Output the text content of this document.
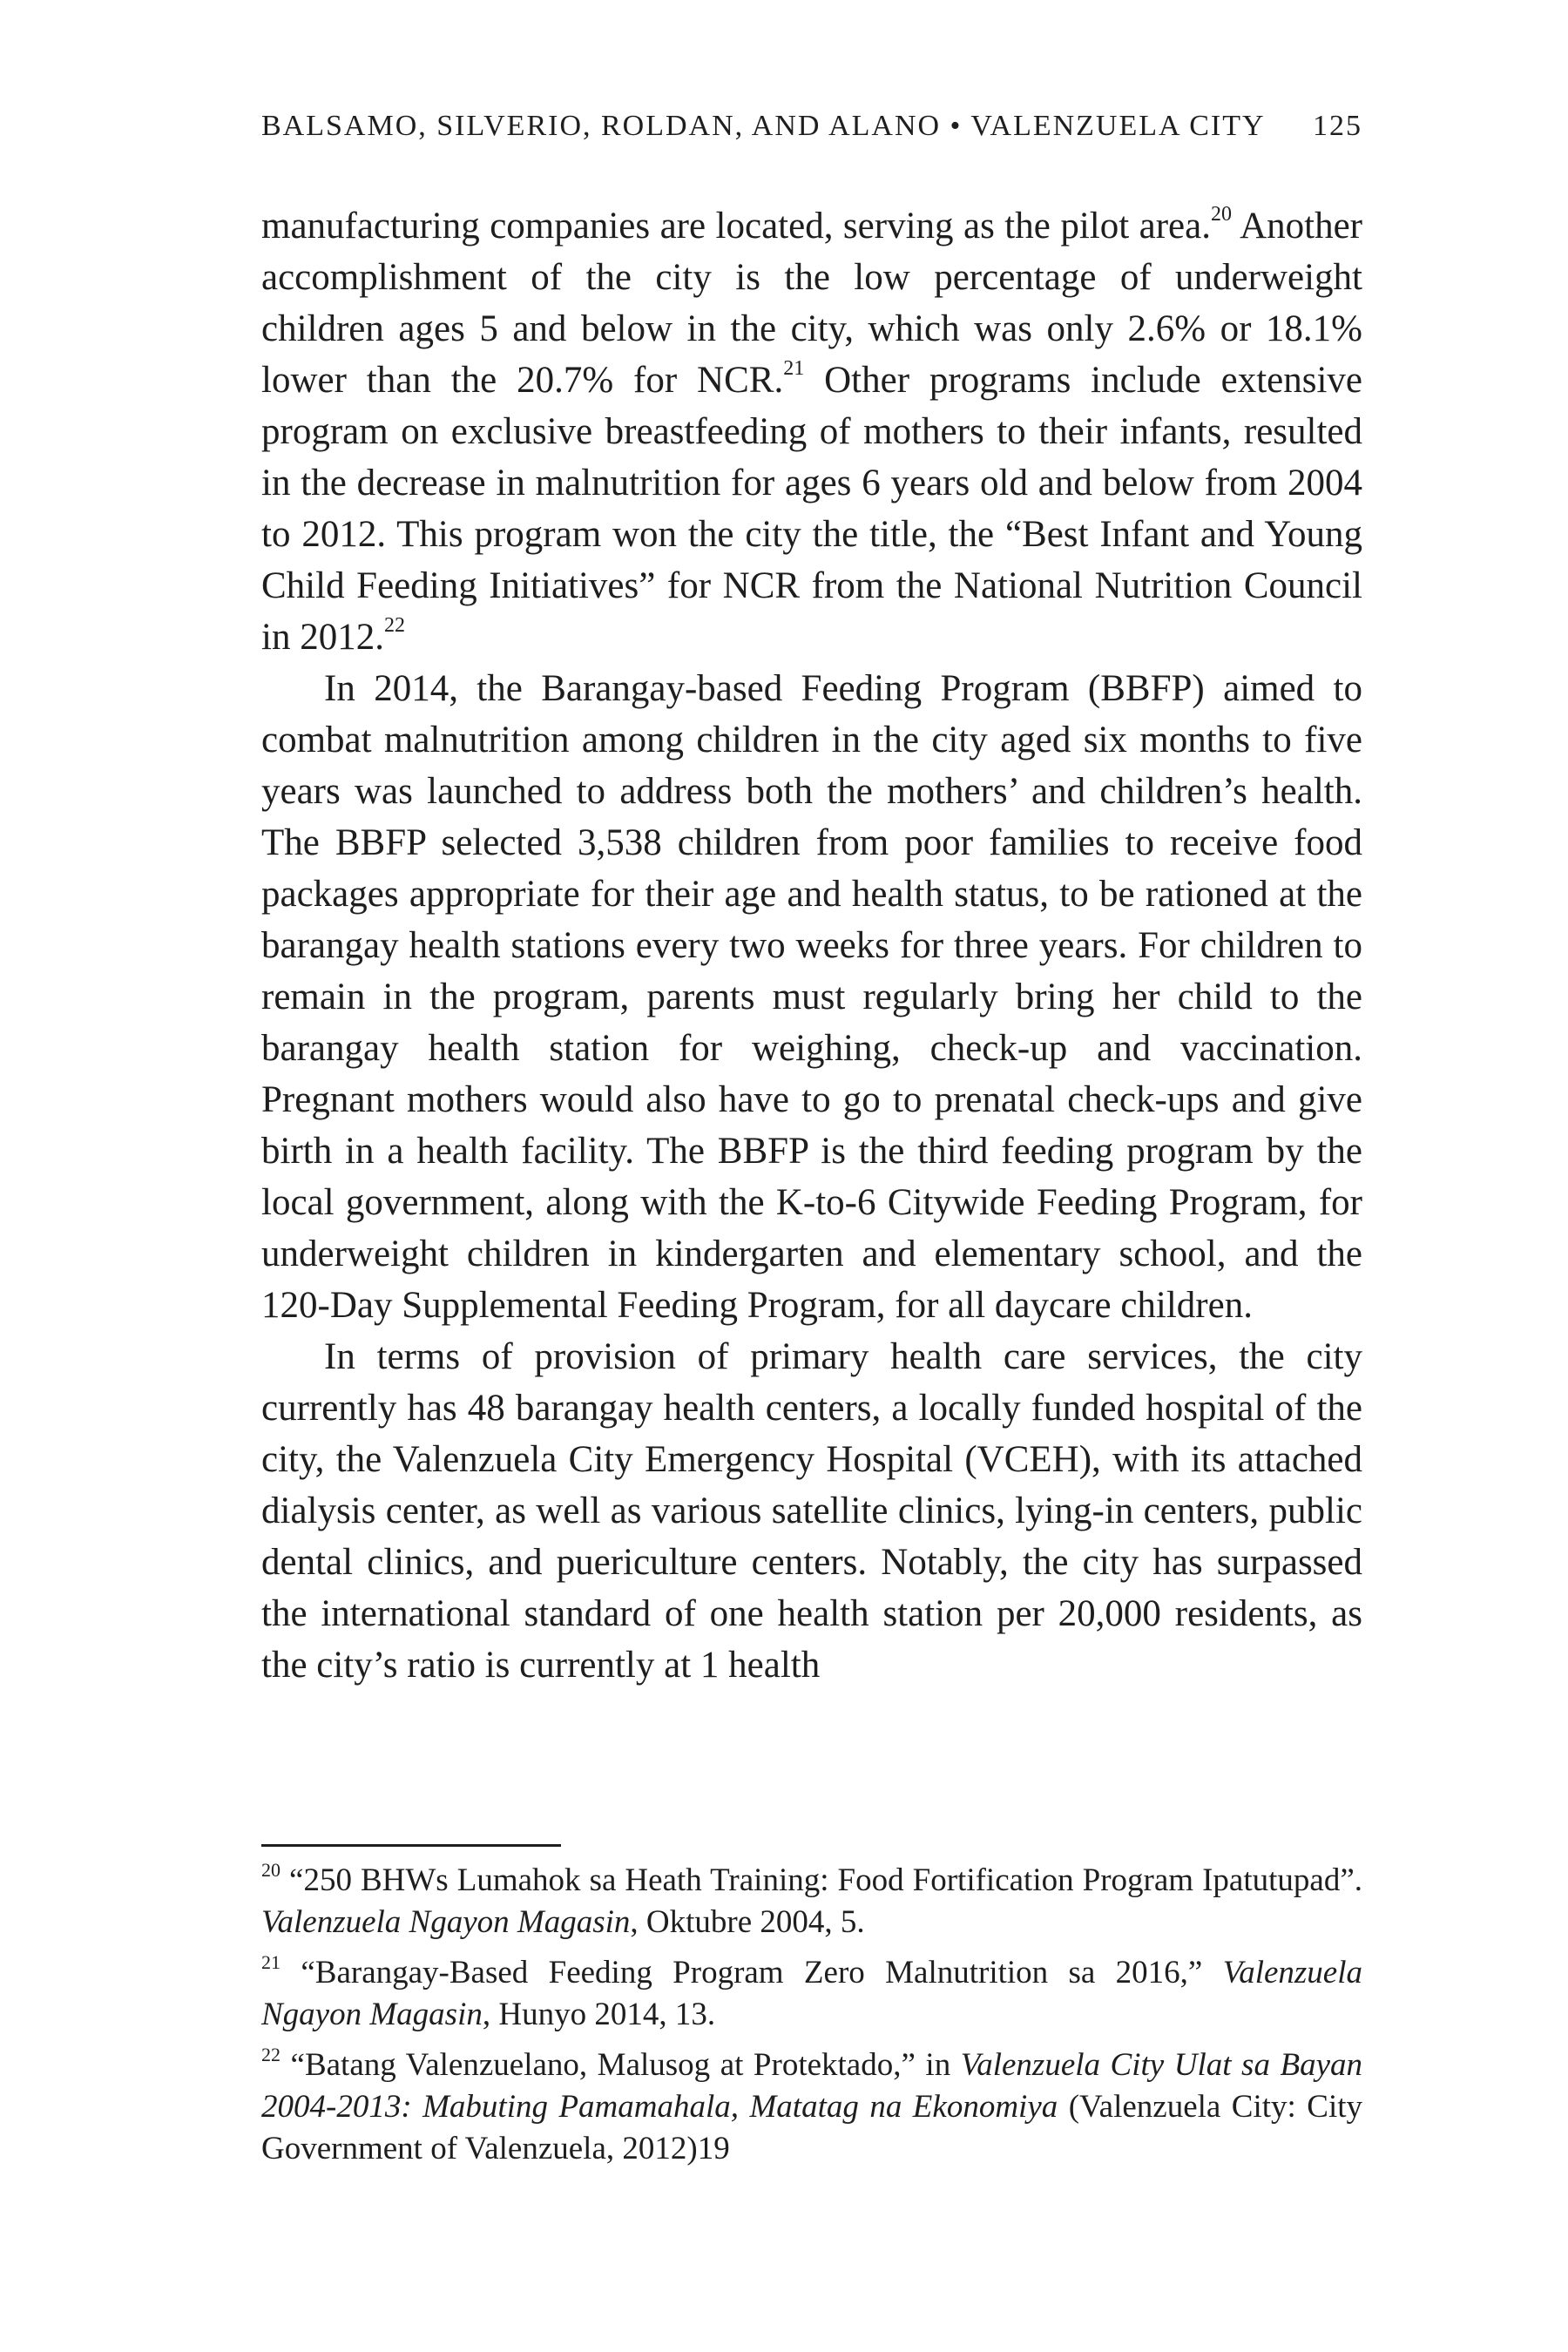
BALSAMO, SILVERIO, ROLDAN, AND ALANO • VALENZUELA CITY 125

manufacturing companies are located, serving as the pilot area.$^{20}$ Another accomplishment of the city is the low percentage of underweight children ages 5 and below in the city, which was only 2.6% or 18.1% lower than the 20.7% for NCR.$^{21}$ Other programs include extensive program on exclusive breastfeeding of mothers to their infants, resulted in the decrease in malnutrition for ages 6 years old and below from 2004 to 2012. This program won the city the title, the “Best Infant and Young Child Feeding Initiatives” for NCR from the National Nutrition Council in 2012.22

In 2014, the Barangay-based Feeding Program (BBFP) aimed to combat malnutrition among children in the city aged six months to five years was launched to address both the mothers’ and children’s health. The BBFP selected 3,538 children from poor families to receive food packages appropriate for their age and health status, to be rationed at the barangay health stations every two weeks for three years. For children to remain in the program, parents must regularly bring her child to the barangay health station for weighing, check-up and vaccination. Pregnant mothers would also have to go to prenatal check-ups and give birth in a health facility. The BBFP is the third feeding program by the local government, along with the K-to-6 Citywide Feeding Program, for underweight children in kindergarten and elementary school, and the 120-Day Supplemental Feeding Program, for all daycare children.

In terms of provision of primary health care services, the city currently has 48 barangay health centers, a locally funded hospital of the city, the Valenzuela City Emergency Hospital (VCEH), with its attached dialysis center, as well as various satellite clinics, lying-in centers, public dental clinics, and puericulture centers. Notably, the city has surpassed the international standard of one health station per 20,000 residents, as the city’s ratio is currently at 1 health

$^{20}$ “250 BHWs Lumahok sa Heath Training: Food Fortification Program Ipatutupad”. Valenzuela Ngayon Magasin, Oktubre 2004, 5.

$^{21}$ “Barangay-Based Feeding Program Zero Malnutrition sa 2016,” Valenzuela Ngayon Magasin, Hunyo 2014, 13.

$^{22}$ “Batang Valenzuelano, Malusog at Protektado,” in Valenzuela City Ulat sa Bayan 2004-2013: Mabuting Pamamahala, Matatag na Ekonomiya (Valenzuela City: City Government of Valenzuela, 2012)19
